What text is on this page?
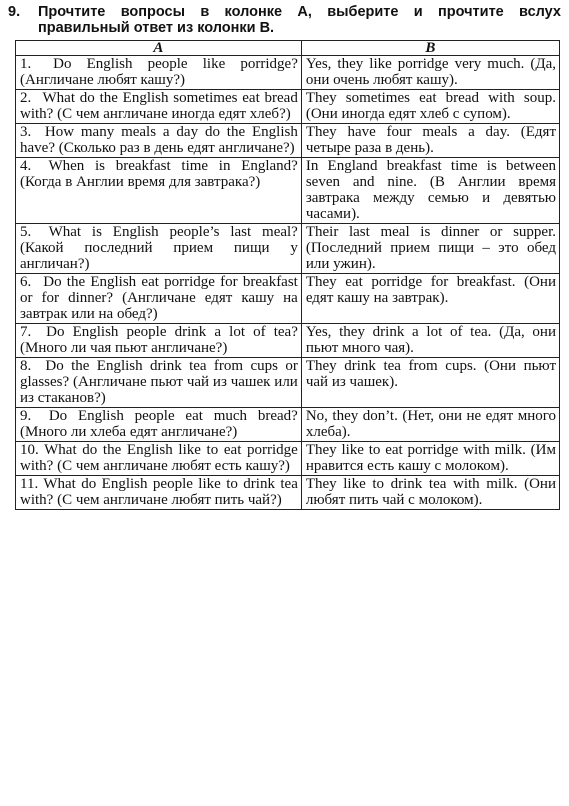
9.	Прочтите вопросы в колонке A, выберите и прочтите вслух правильный ответ из колонки B.
A	B
1. Do English people like porridge? (Англичане любят кашу?)	Yes, they like porridge very much. (Да, они очень любят кашу).
2. What do the English sometimes eat bread with? (С чем англичане иногда едят хлеб?)	They sometimes eat bread with soup. (Они иногда едят хлеб с супом).
3. How many meals a day do the English have? (Сколько раз в день едят англичане?)	They have four meals a day. (Едят четыре раза в день).
4. When is breakfast time in England? (Когда в Англии время для завтрака?)	In England breakfast time is between seven and nine. (В Англии время завтрака между семью и девятью часами).
5. What is English people’s last meal? (Какой последний прием пищи у англичан?)	Their last meal is dinner or supper. (Последний прием пищи – это обед или ужин).
6. Do the English eat porridge for breakfast or for dinner? (Англичане едят кашу на завтрак или на обед?)	They eat porridge for breakfast. (Они едят кашу на завтрак).
7. Do English people drink a lot of tea? (Много ли чая пьют англичане?)	Yes, they drink a lot of tea. (Да, они пьют много чая).
8. Do the English drink tea from cups or glasses? (Англичане пьют чай из чашек или из стаканов?)	They drink tea from cups. (Они пьют чай из чашек).
9. Do English people eat much bread? (Много ли хлеба едят англичане?)	No, they don’t. (Нет, они не едят много хлеба).
10. What do the English like to eat porridge with? (С чем англичане любят есть кашу?)	They like to eat porridge with milk. (Им нравится есть кашу с молоком).
11. What do English people like to drink tea with? (С чем англичане любят пить чай?)	They like to drink tea with milk. (Они любят пить чай с молоком).
